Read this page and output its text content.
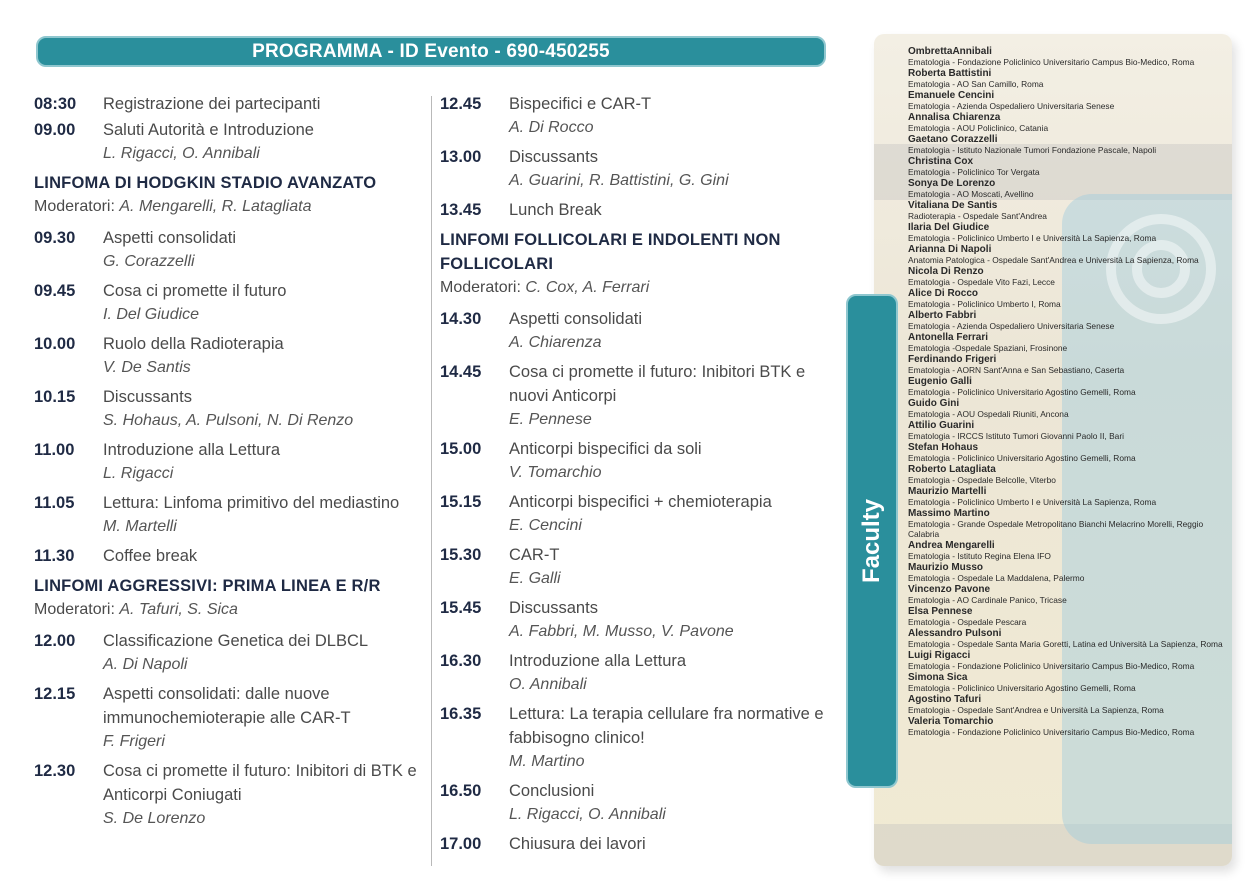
PROGRAMMA - ID Evento - 690-450255
08:30	Registrazione dei partecipanti
09.00	Saluti Autorità e Introduzione
L. Rigacci, O. Annibali
LINFOMA DI HODGKIN STADIO AVANZATO
Moderatori: A. Mengarelli, R. Latagliata
09.30	Aspetti consolidati
G. Corazzelli
09.45	Cosa ci promette il futuro
I. Del Giudice
10.00	Ruolo della Radioterapia
V. De Santis
10.15	Discussants
S. Hohaus, A. Pulsoni, N. Di Renzo
11.00	Introduzione alla Lettura
L. Rigacci
11.05	Lettura: Linfoma primitivo del mediastino
M. Martelli
11.30	Coffee break
LINFOMI AGGRESSIVI: PRIMA LINEA E R/R
Moderatori: A. Tafuri, S. Sica
12.00	Classificazione Genetica dei DLBCL
A. Di Napoli
12.15	Aspetti consolidati: dalle nuove immunochemioterapie alle CAR-T
F. Frigeri
12.30	Cosa ci promette il futuro: Inibitori di BTK e Anticorpi Coniugati
S. De Lorenzo
12.45	Bispecifici e CAR-T
A. Di Rocco
13.00	Discussants
A. Guarini, R. Battistini, G. Gini
13.45	Lunch Break
LINFOMI FOLLICOLARI E INDOLENTI NON FOLLICOLARI
Moderatori: C. Cox, A. Ferrari
14.30	Aspetti consolidati
A. Chiarenza
14.45	Cosa ci promette il futuro: Inibitori BTK e nuovi Anticorpi
E. Pennese
15.00	Anticorpi bispecifici da soli
V. Tomarchio
15.15	Anticorpi bispecifici + chemioterapia
E. Cencini
15.30	CAR-T
E. Galli
15.45	Discussants
A. Fabbri, M. Musso, V. Pavone
16.30	Introduzione alla Lettura
O. Annibali
16.35	Lettura: La terapia cellulare fra normative e fabbisogno clinico!
M. Martino
16.50	Conclusioni
L. Rigacci, O. Annibali
17.00	Chiusura dei lavori
Faculty
OmbrettaAnnibali
Ematologia - Fondazione Policlinico Universitario Campus Bio-Medico, Roma
Roberta Battistini
Ematologia - AO San Camillo, Roma
Emanuele Cencini
Ematologia - Azienda Ospedaliero Universitaria Senese
Annalisa Chiarenza
Ematologia - AOU Policlinico, Catania
Gaetano Corazzelli
Ematologia - Istituto Nazionale Tumori Fondazione Pascale, Napoli
Christina Cox
Ematologia - Policlinico Tor Vergata
Sonya De Lorenzo
Ematologia - AO Moscati, Avellino
Vitaliana De Santis
Radioterapia - Ospedale Sant'Andrea
Ilaria Del Giudice
Ematologia - Policlinico Umberto I e Università La Sapienza, Roma
Arianna Di Napoli
Anatomia Patologica - Ospedale Sant'Andrea e Università La Sapienza, Roma
Nicola Di Renzo
Ematologia - Ospedale Vito Fazi, Lecce
Alice Di Rocco
Ematologia - Policlinico Umberto I, Roma
Alberto Fabbri
Ematologia - Azienda Ospedaliero Universitaria Senese
Antonella Ferrari
Ematologia -Ospedale Spaziani, Frosinone
Ferdinando Frigeri
Ematologia - AORN Sant'Anna e San Sebastiano, Caserta
Eugenio Galli
Ematologia - Policlinico Universitario Agostino Gemelli, Roma
Guido Gini
Ematologia - AOU Ospedali Riuniti, Ancona
Attilio Guarini
Ematologia - IRCCS Istituto Tumori Giovanni Paolo II, Bari
Stefan Hohaus
Ematologia - Policlinico Universitario Agostino Gemelli, Roma
Roberto Latagliata
Ematologia - Ospedale Belcolle, Viterbo
Maurizio Martelli
Ematologia - Policlinico Umberto I e Università La Sapienza, Roma
Massimo Martino
Ematologia - Grande Ospedale Metropolitano Bianchi Melacrino Morelli, Reggio Calabria
Andrea Mengarelli
Ematologia - Istituto Regina Elena IFO
Maurizio Musso
Ematologia - Ospedale La Maddalena, Palermo
Vincenzo Pavone
Ematologia - AO Cardinale Panico, Tricase
Elsa Pennese
Ematologia - Ospedale Pescara
Alessandro Pulsoni
Ematologia - Ospedale Santa Maria Goretti, Latina ed Università La Sapienza, Roma
Luigi Rigacci
Ematologia - Fondazione Policlinico Universitario Campus Bio-Medico, Roma
Simona Sica
Ematologia - Policlinico Universitario Agostino Gemelli, Roma
Agostino Tafuri
Ematologia - Ospedale Sant'Andrea e Università La Sapienza, Roma
Valeria Tomarchio
Ematologia - Fondazione Policlinico Universitario Campus Bio-Medico, Roma
